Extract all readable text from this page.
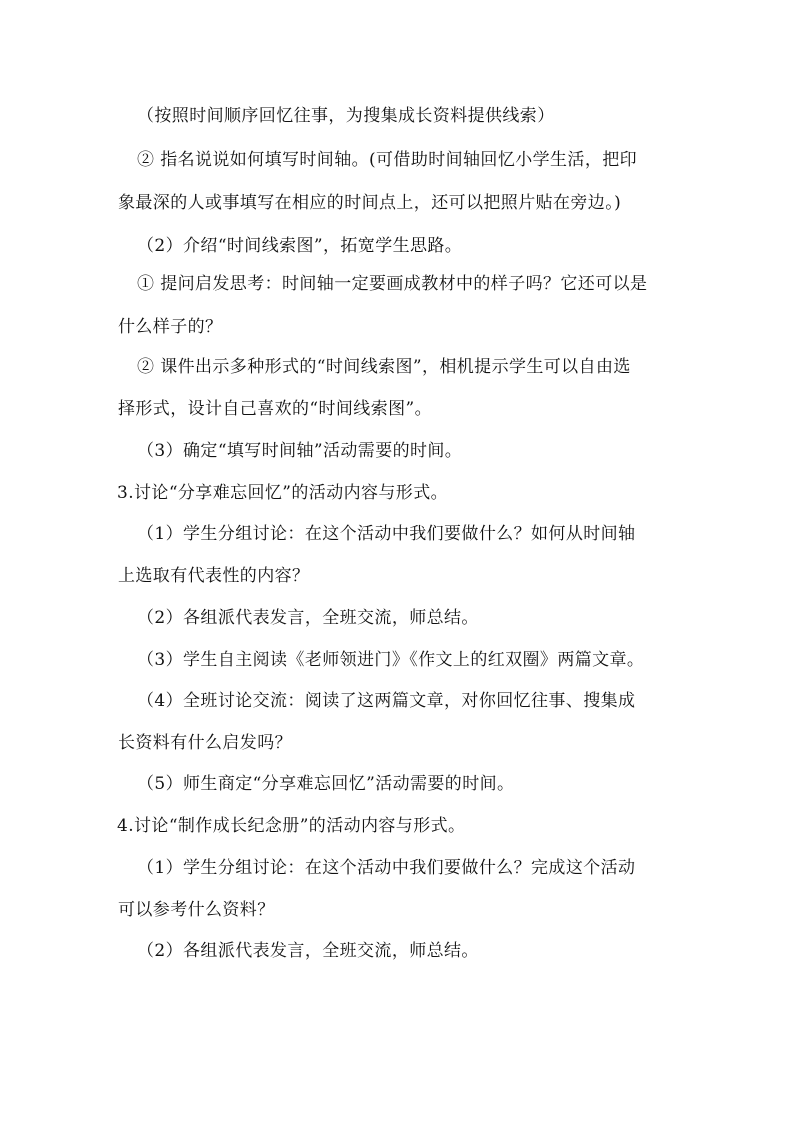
（按照时间顺序回忆往事，为搜集成长资料提供线索）
② 指名说说如何填写时间轴。(可借助时间轴回忆小学生活，把印
象最深的人或事填写在相应的时间点上，还可以把照片贴在旁边。)
（2）介绍“时间线索图”，拓宽学生思路。
① 提问启发思考：时间轴一定要画成教材中的样子吗？它还可以是
什么样子的？
② 课件出示多种形式的“时间线索图”，相机提示学生可以自由选
择形式，设计自己喜欢的“时间线索图”。
（3）确定“填写时间轴”活动需要的时间。
3.讨论“分享难忘回忆”的活动内容与形式。
（1）学生分组讨论：在这个活动中我们要做什么？如何从时间轴
上选取有代表性的内容？
（2）各组派代表发言，全班交流，师总结。
（3）学生自主阅读《老师领进门》《作文上的红双圈》两篇文章。
（4）全班讨论交流：阅读了这两篇文章，对你回忆往事、搜集成
长资料有什么启发吗？
（5）师生商定“分享难忘回忆”活动需要的时间。
4.讨论“制作成长纪念册”的活动内容与形式。
（1）学生分组讨论：在这个活动中我们要做什么？完成这个活动
可以参考什么资料？
（2）各组派代表发言，全班交流，师总结。
